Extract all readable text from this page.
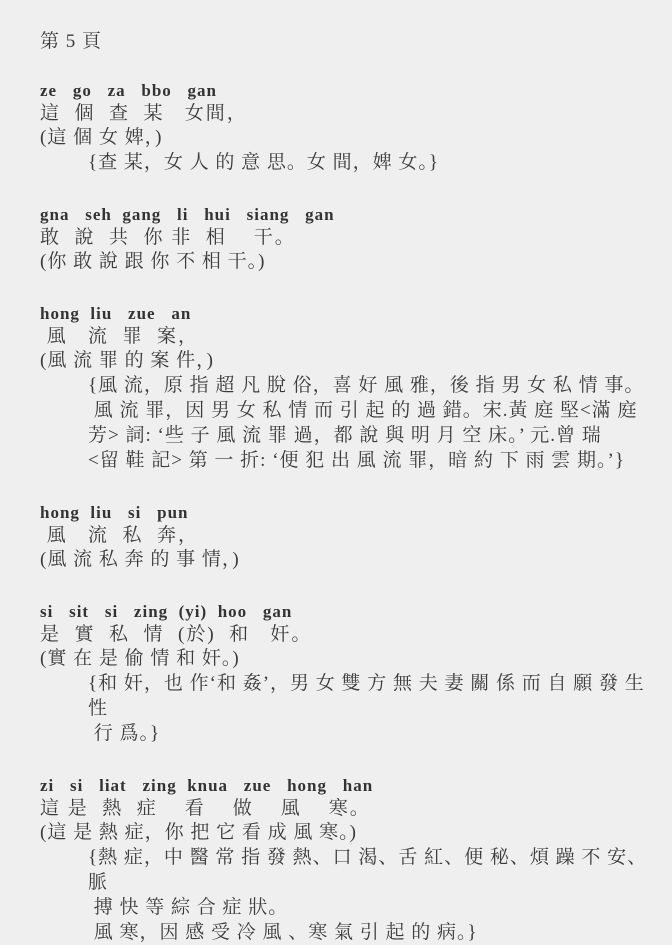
第 5 頁
ze   go   za   bbo   gan
這  個  查  某   女間，
(這 個 女 婢，)
{查 某，女 人 的 意 思。女 間，婢 女。}
gna   seh  gang   li   hui   siang   gan
敢  說  共  你 非  相    干。
(你 敢 說 跟 你 不 相 干。)
hong  liu   zue   an
風   流  罪  案，
(風 流 罪 的 案 件，)
{風 流，原 指 超 凡 脫 俗，喜 好 風 雅，後 指 男 女 私 情 事。
風 流 罪，因 男 女 私 情 而 引 起 的 過 錯。宋.黃 庭 堅<滿 庭
芳> 詞: ‘些 子 風 流 罪 過，都 說 與 明 月 空 床。’ 元.曾 瑞
<留 鞋 記> 第 一 折: ‘便 犯 出 風 流 罪，暗 約 下 雨 雲 期。’}
hong  liu   si   pun
風   流  私  奔，
(風 流 私 奔 的 事 情，)
si   sit   si   zing  (yi)  hoo   gan
是  實  私  情  (於)  和   奸。
(實 在 是 偷 情 和 奸。)
{和 奸，也 作‘和 姦’，男 女 雙 方 無 夫 妻 關 係 而 自 願 發 生 性
行 爲。}
zi   si   liat   zing  knua   zue   hong   han
這 是  熱  症    看    做    風    寒。
(這 是 熱 症，你 把 它 看 成 風 寒。)
{熱 症，中 醫 常 指 發 熱、口 渴、舌 紅、便 秘、煩 躁 不 安、脈
搏 快 等 綜 合 症 狀。
風 寒，因 感 受 冷 風 、寒 氣 引 起 的 病。}
